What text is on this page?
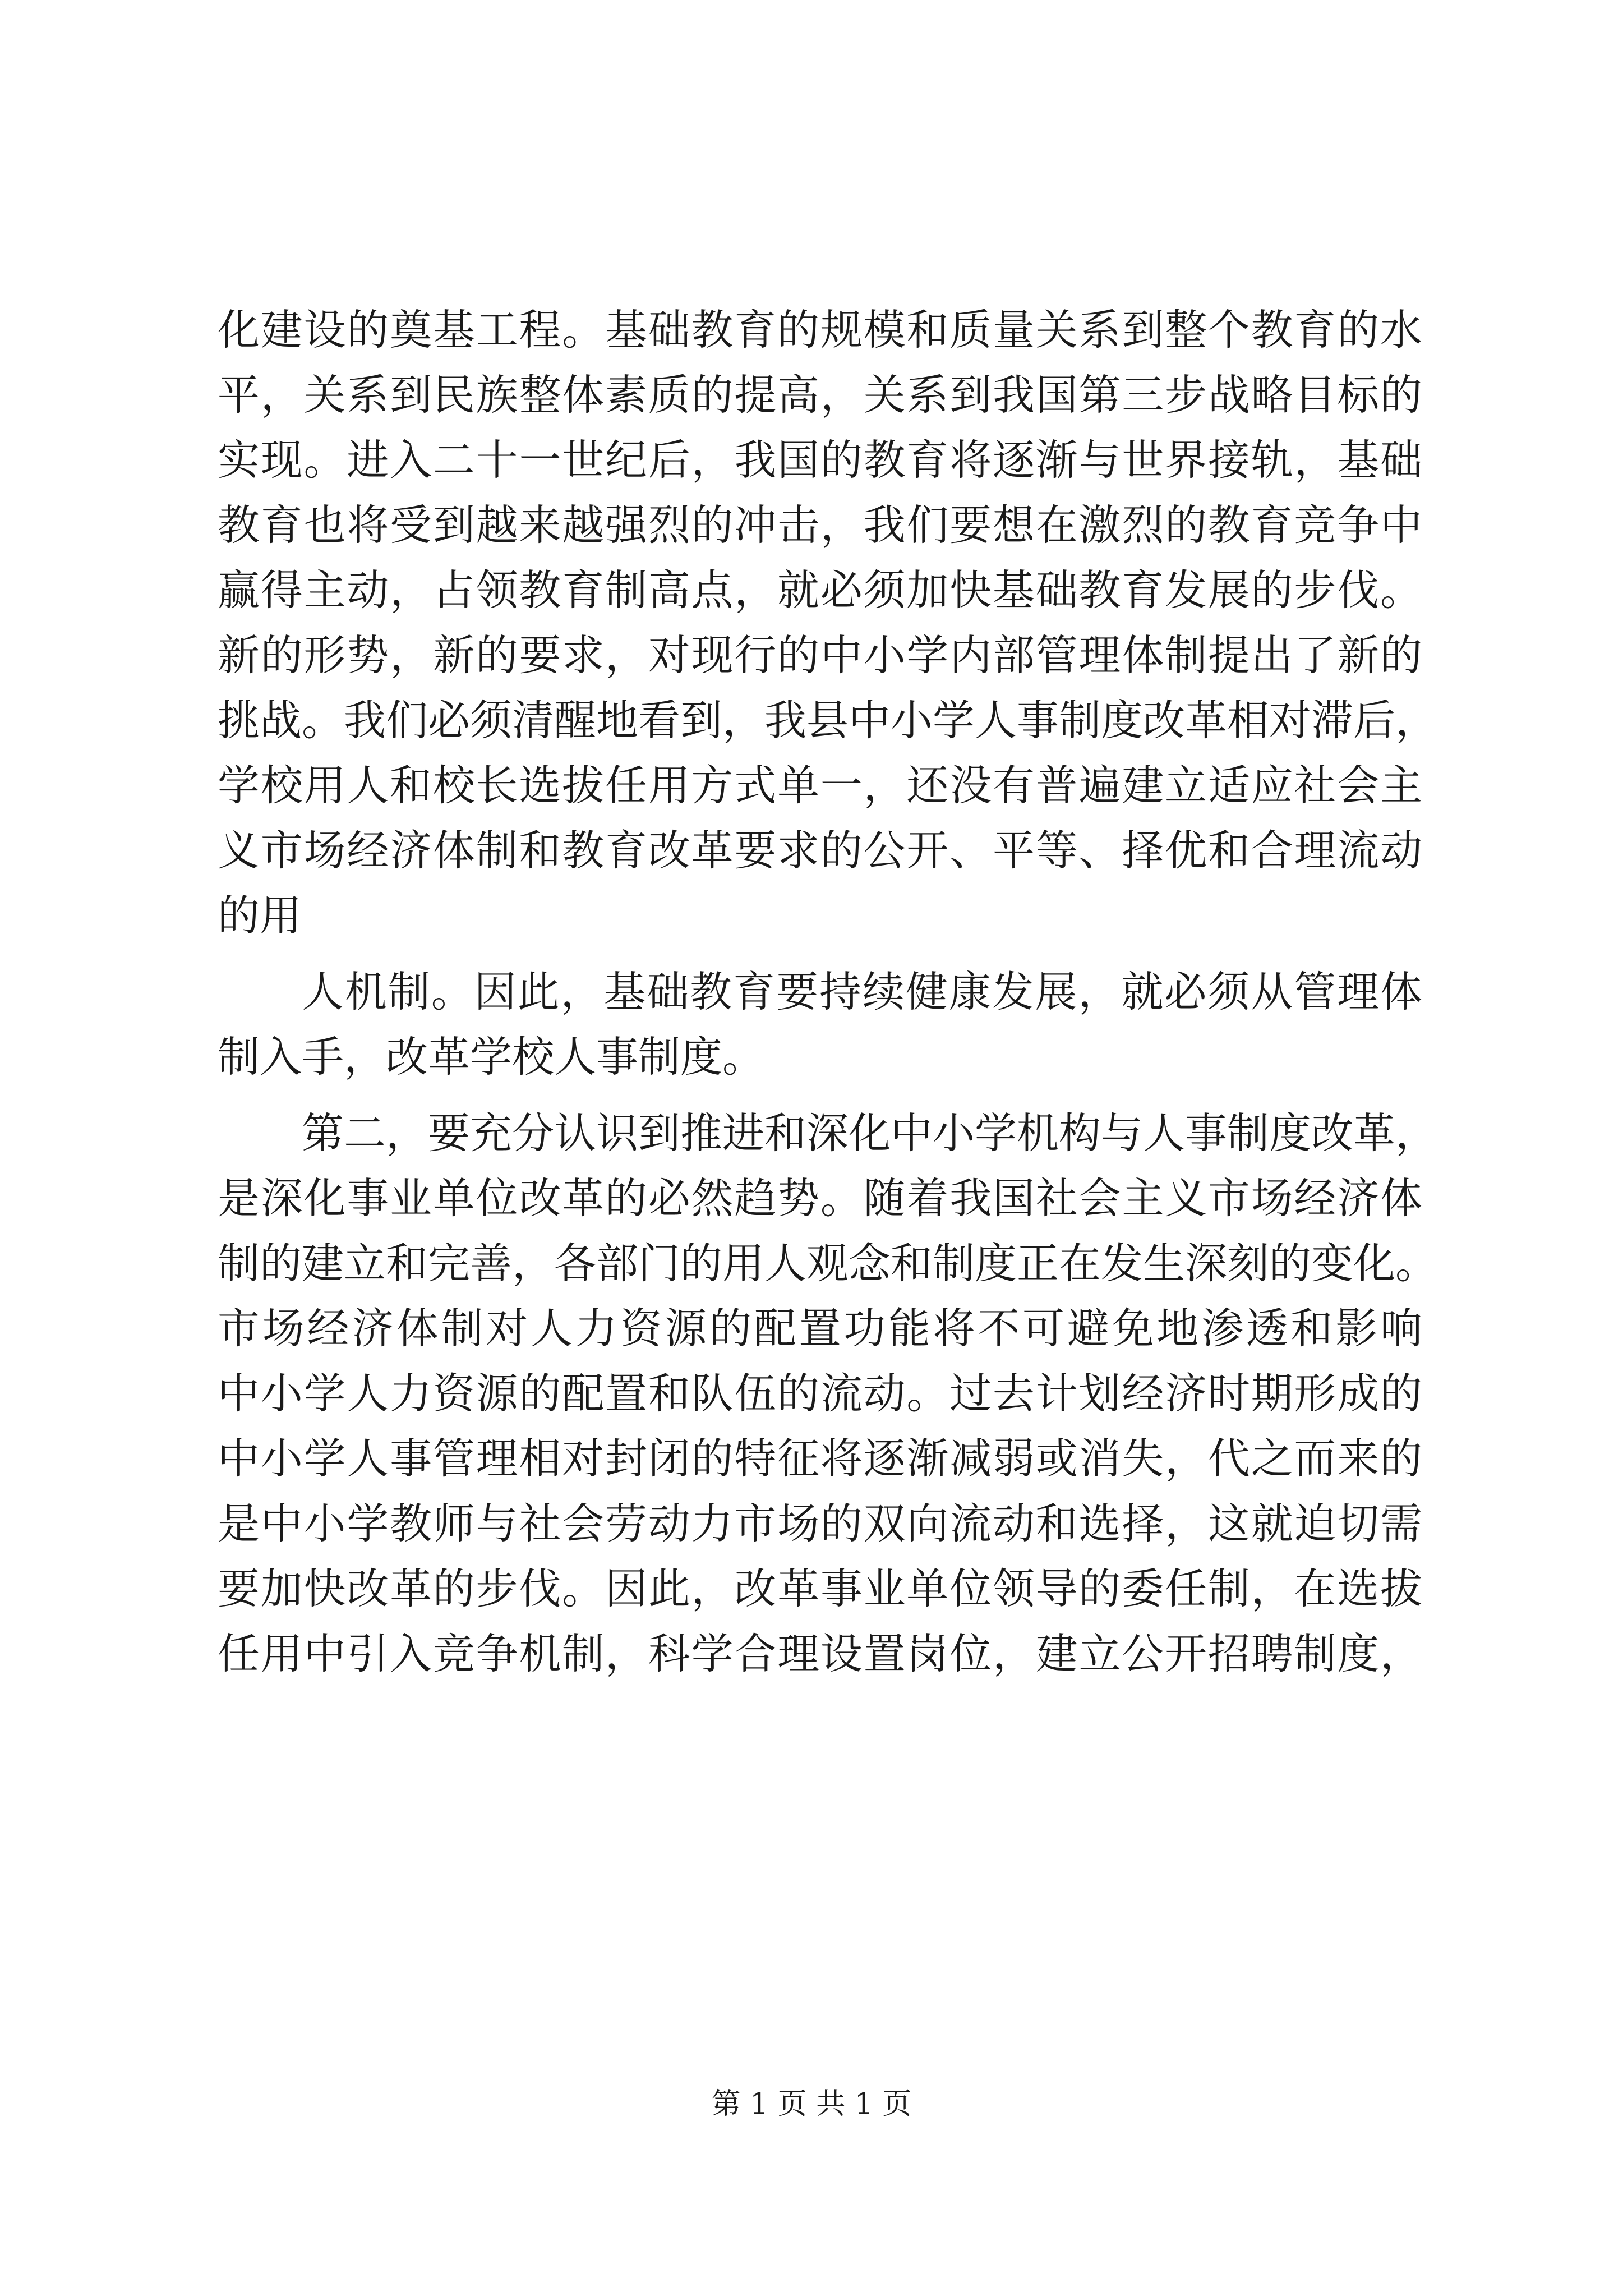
化建设的奠基工程。基础教育的规模和质量关系到整个教育的水
平，关系到民族整体素质的提高，关系到我国第三步战略目标的
实现。进入二十一世纪后，我国的教育将逐渐与世界接轨，基础
教育也将受到越来越强烈的冲击，我们要想在激烈的教育竞争中
赢得主动，占领教育制高点，就必须加快基础教育发展的步伐。
新的形势，新的要求，对现行的中小学内部管理体制提出了新的
挑战。我们必须清醒地看到，我县中小学人事制度改革相对滞后，
学校用人和校长选拔任用方式单一，还没有普遍建立适应社会主
义市场经济体制和教育改革要求的公开、平等、择优和合理流动
的用
人机制。因此，基础教育要持续健康发展，就必须从管理体
制入手，改革学校人事制度。
第二，要充分认识到推进和深化中小学机构与人事制度改革，
是深化事业单位改革的必然趋势。随着我国社会主义市场经济体
制的建立和完善，各部门的用人观念和制度正在发生深刻的变化。
市场经济体制对人力资源的配置功能将不可避免地渗透和影响
中小学人力资源的配置和队伍的流动。过去计划经济时期形成的
中小学人事管理相对封闭的特征将逐渐减弱或消失，代之而来的
是中小学教师与社会劳动力市场的双向流动和选择，这就迫切需
要加快改革的步伐。因此，改革事业单位领导的委任制，在选拔
任用中引入竞争机制，科学合理设置岗位，建立公开招聘制度，
第 1 页 共 1 页
